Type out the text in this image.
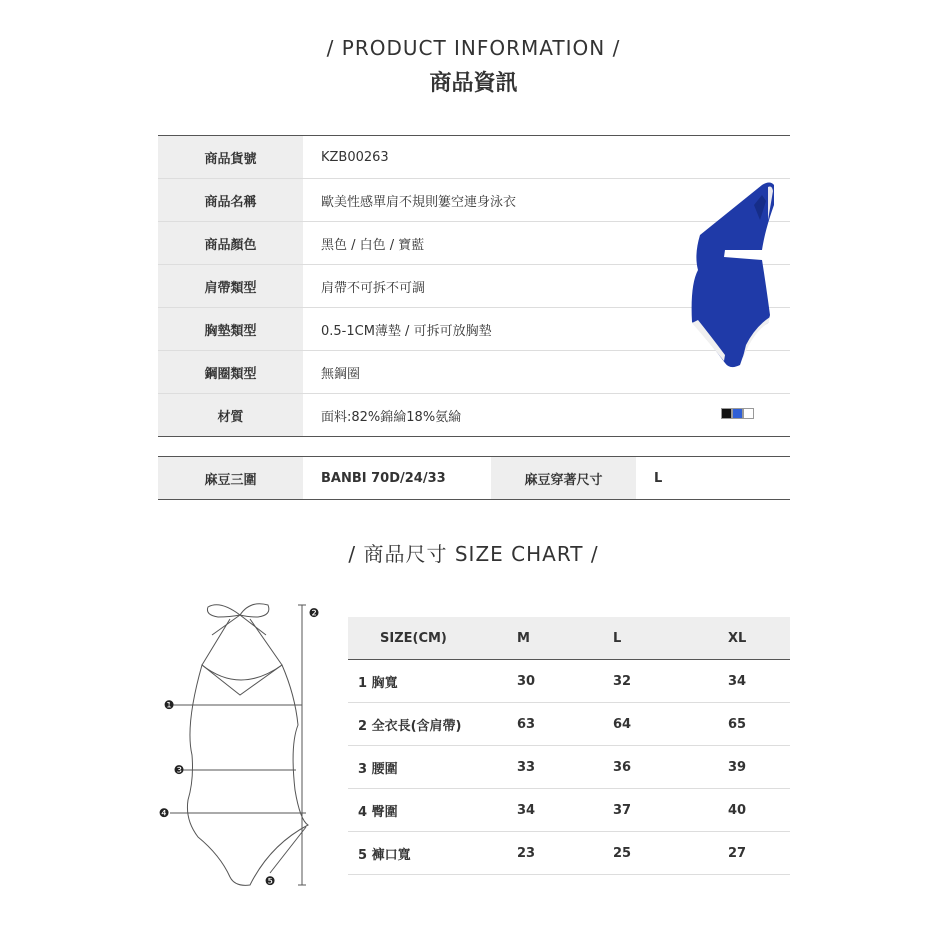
/ PRODUCT INFORMATION /
商品資訊
商品貨號	KZB00263
商品名稱	歐美性感單肩不規則簍空連身泳衣
商品顏色	黑色 / 白色 / 寶藍
肩帶類型	肩帶不可拆不可調
胸墊類型	0.5-1CM薄墊 / 可拆可放胸墊
鋼圈類型	無鋼圈
材質	面料:82%錦綸18%氨綸
麻豆三圍	BANBI 70D/24/33	麻豆穿著尺寸	L
/ 商品尺寸 SIZE CHART /
❶
❷
❸
❹
❺
SIZE(CM)	M	L	XL
1 胸寬	30	32	34
2 全衣長(含肩帶)	63	64	65
3 腰圍	33	36	39
4 臀圍	34	37	40
5 褲口寬	23	25	27
